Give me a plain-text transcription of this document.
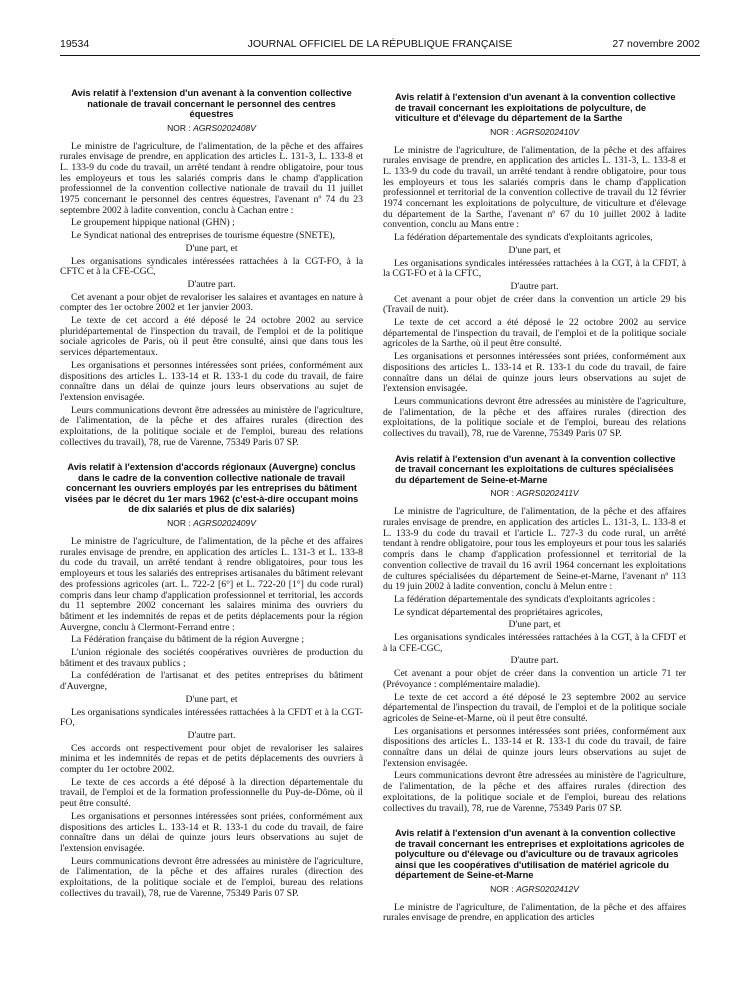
19534	JOURNAL OFFICIEL DE LA RÉPUBLIQUE FRANÇAISE	27 novembre 2002
Avis relatif à l'extension d'un avenant à la convention collective nationale de travail concernant le personnel des centres équestres
NOR : AGRS0202408V

Le ministre de l'agriculture, de l'alimentation, de la pêche et des affaires rurales envisage de prendre, en application des articles L. 131-3, L. 133-8 et L. 133-9 du code du travail, un arrêté tendant à rendre obligatoire, pour tous les employeurs et tous les salariés compris dans le champ d'application professionnel de la convention collective nationale de travail du 11 juillet 1975 concernant le personnel des centres équestres, l'avenant nº 74 du 23 septembre 2002 à ladite convention, conclu à Cachan entre :

Le groupement hippique national (GHN) ;

Le Syndicat national des entreprises de tourisme équestre (SNETE),

D'une part, et

Les organisations syndicales intéressées rattachées à la CGT-FO, à la CFTC et à la CFE-CGC,

D'autre part.

Cet avenant a pour objet de revaloriser les salaires et avantages en nature à compter des 1er octobre 2002 et 1er janvier 2003.

Le texte de cet accord a été déposé le 24 octobre 2002 au service pluridépartemental de l'inspection du travail, de l'emploi et de la politique sociale agricoles de Paris, où il peut être consulté, ainsi que dans tous les services départementaux.

Les organisations et personnes intéressées sont priées, conformément aux dispositions des articles L. 133-14 et R. 133-1 du code du travail, de faire connaître dans un délai de quinze jours leurs observations au sujet de l'extension envisagée.

Leurs communications devront être adressées au ministère de l'agriculture, de l'alimentation, de la pêche et des affaires rurales (direction des exploitations, de la politique sociale et de l'emploi, bureau des relations collectives du travail), 78, rue de Varenne, 75349 Paris 07 SP.

Avis relatif à l'extension d'accords régionaux (Auvergne) conclus dans le cadre de la convention collective nationale de travail concernant les ouvriers employés par les entreprises du bâtiment visées par le décret du 1er mars 1962 (c'est-à-dire occupant moins de dix salariés et plus de dix salariés)
NOR : AGRS0202409V

Le ministre de l'agriculture, de l'alimentation, de la pêche et des affaires rurales envisage de prendre, en application des articles L. 131-3 et L. 133-8 du code du travail, un arrêté tendant à rendre obligatoires, pour tous les employeurs et tous les salariés des entreprises artisanales du bâtiment relevant des professions agricoles (art. L. 722-2 [6°] et L. 722-20 [1°] du code rural) compris dans leur champ d'application professionnel et territorial, les accords du 11 septembre 2002 concernant les salaires minima des ouvriers du bâtiment et les indemnités de repas et de petits déplacements pour la région Auvergne, conclu à Clermont-Ferrand entre :

La Fédération française du bâtiment de la région Auvergne ;

L'union régionale des sociétés coopératives ouvrières de production du bâtiment et des travaux publics ;

La confédération de l'artisanat et des petites entreprises du bâtiment d'Auvergne,

D'une part, et

Les organisations syndicales intéressées rattachées à la CFDT et à la CGT-FO,

D'autre part.

Ces accords ont respectivement pour objet de revaloriser les salaires minima et les indemnités de repas et de petits déplacements des ouvriers à compter du 1er octobre 2002.

Le texte de ces accords a été déposé à la direction départementale du travail, de l'emploi et de la formation professionnelle du Puy-de-Dôme, où il peut être consulté.

Les organisations et personnes intéressées sont priées, conformément aux dispositions des articles L. 133-14 et R. 133-1 du code du travail, de faire connaître dans un délai de quinze jours leurs observations au sujet de l'extension envisagée.

Leurs communications devront être adressées au ministère de l'agriculture, de l'alimentation, de la pêche et des affaires rurales (direction des exploitations, de la politique sociale et de l'emploi, bureau des relations collectives du travail), 78, rue de Varenne, 75349 Paris 07 SP.

Avis relatif à l'extension d'un avenant à la convention collective de travail concernant les exploitations de polyculture, de viticulture et d'élevage du département de la Sarthe
NOR : AGRS0202410V

Le ministre de l'agriculture, de l'alimentation, de la pêche et des affaires rurales envisage de prendre, en application des articles L. 131-3, L. 133-8 et L. 133-9 du code du travail, un arrêté tendant à rendre obligatoire, pour tous les employeurs et tous les salariés compris dans le champ d'application professionnel et territorial de la convention collective de travail du 12 février 1974 concernant les exploitations de polyculture, de viticulture et d'élevage du département de la Sarthe, l'avenant nº 67 du 10 juillet 2002 à ladite convention, conclu au Mans entre :

La fédération départementale des syndicats d'exploitants agricoles,

D'une part, et

Les organisations syndicales intéressées rattachées à la CGT, à la CFDT, à la CGT-FO et à la CFTC,

D'autre part.

Cet avenant a pour objet de créer dans la convention un article 29 bis (Travail de nuit).

Le texte de cet accord a été déposé le 22 octobre 2002 au service départemental de l'inspection du travail, de l'emploi et de la politique sociale agricoles de la Sarthe, où il peut être consulté.

Les organisations et personnes intéressées sont priées, conformément aux dispositions des articles L. 133-14 et R. 133-1 du code du travail, de faire connaître dans un délai de quinze jours leurs observations au sujet de l'extension envisagée.

Leurs communications devront être adressées au ministère de l'agriculture, de l'alimentation, de la pêche et des affaires rurales (direction des exploitations, de la politique sociale et de l'emploi, bureau des relations collectives du travail), 78, rue de Varenne, 75349 Paris 07 SP.

Avis relatif à l'extension d'un avenant à la convention collective de travail concernant les exploitations de cultures spécialisées du département de Seine-et-Marne
NOR : AGRS0202411V

Le ministre de l'agriculture, de l'alimentation, de la pêche et des affaires rurales envisage de prendre, en application des articles L. 131-3, L. 133-8 et L. 133-9 du code du travail et l'article L. 727-3 du code rural, un arrêté tendant à rendre obligatoire, pour tous les employeurs et pour tous les salariés compris dans le champ d'application professionnel et territorial de la convention collective de travail du 16 avril 1964 concernant les exploitations de cultures spécialisées du département de Seine-et-Marne, l'avenant nº 113 du 19 juin 2002 à ladite convention, conclu à Melun entre :

La fédération départementale des syndicats d'exploitants agricoles :

Le syndicat départemental des propriétaires agricoles,

D'une part, et

Les organisations syndicales intéressées rattachées à la CGT, à la CFDT et à la CFE-CGC,

D'autre part.

Cet avenant a pour objet de créer dans la convention un article 71 ter (Prévoyance : complémentaire maladie).

Le texte de cet accord a été déposé le 23 septembre 2002 au service départemental de l'inspection du travail, de l'emploi et de la politique sociale agricoles de Seine-et-Marne, où il peut être consulté.

Les organisations et personnes intéressées sont priées, conformément aux dispositions des articles L. 133-14 et R. 133-1 du code du travail, de faire connaître dans un délai de quinze jours leurs observations au sujet de l'extension envisagée.

Leurs communications devront être adressées au ministère de l'agriculture, de l'alimentation, de la pêche et des affaires rurales (direction des exploitations, de la politique sociale et de l'emploi, bureau des relations collectives du travail), 78, rue de Varenne, 75349 Paris 07 SP.

Avis relatif à l'extension d'un avenant à la convention collective de travail concernant les entreprises et exploitations agricoles de polyculture ou d'élevage ou d'aviculture ou de travaux agricoles ainsi que les coopératives d'utilisation de matériel agricole du département de Seine-et-Marne
NOR : AGRS0202412V

Le ministre de l'agriculture, de l'alimentation, de la pêche et des affaires rurales envisage de prendre, en application des articles
